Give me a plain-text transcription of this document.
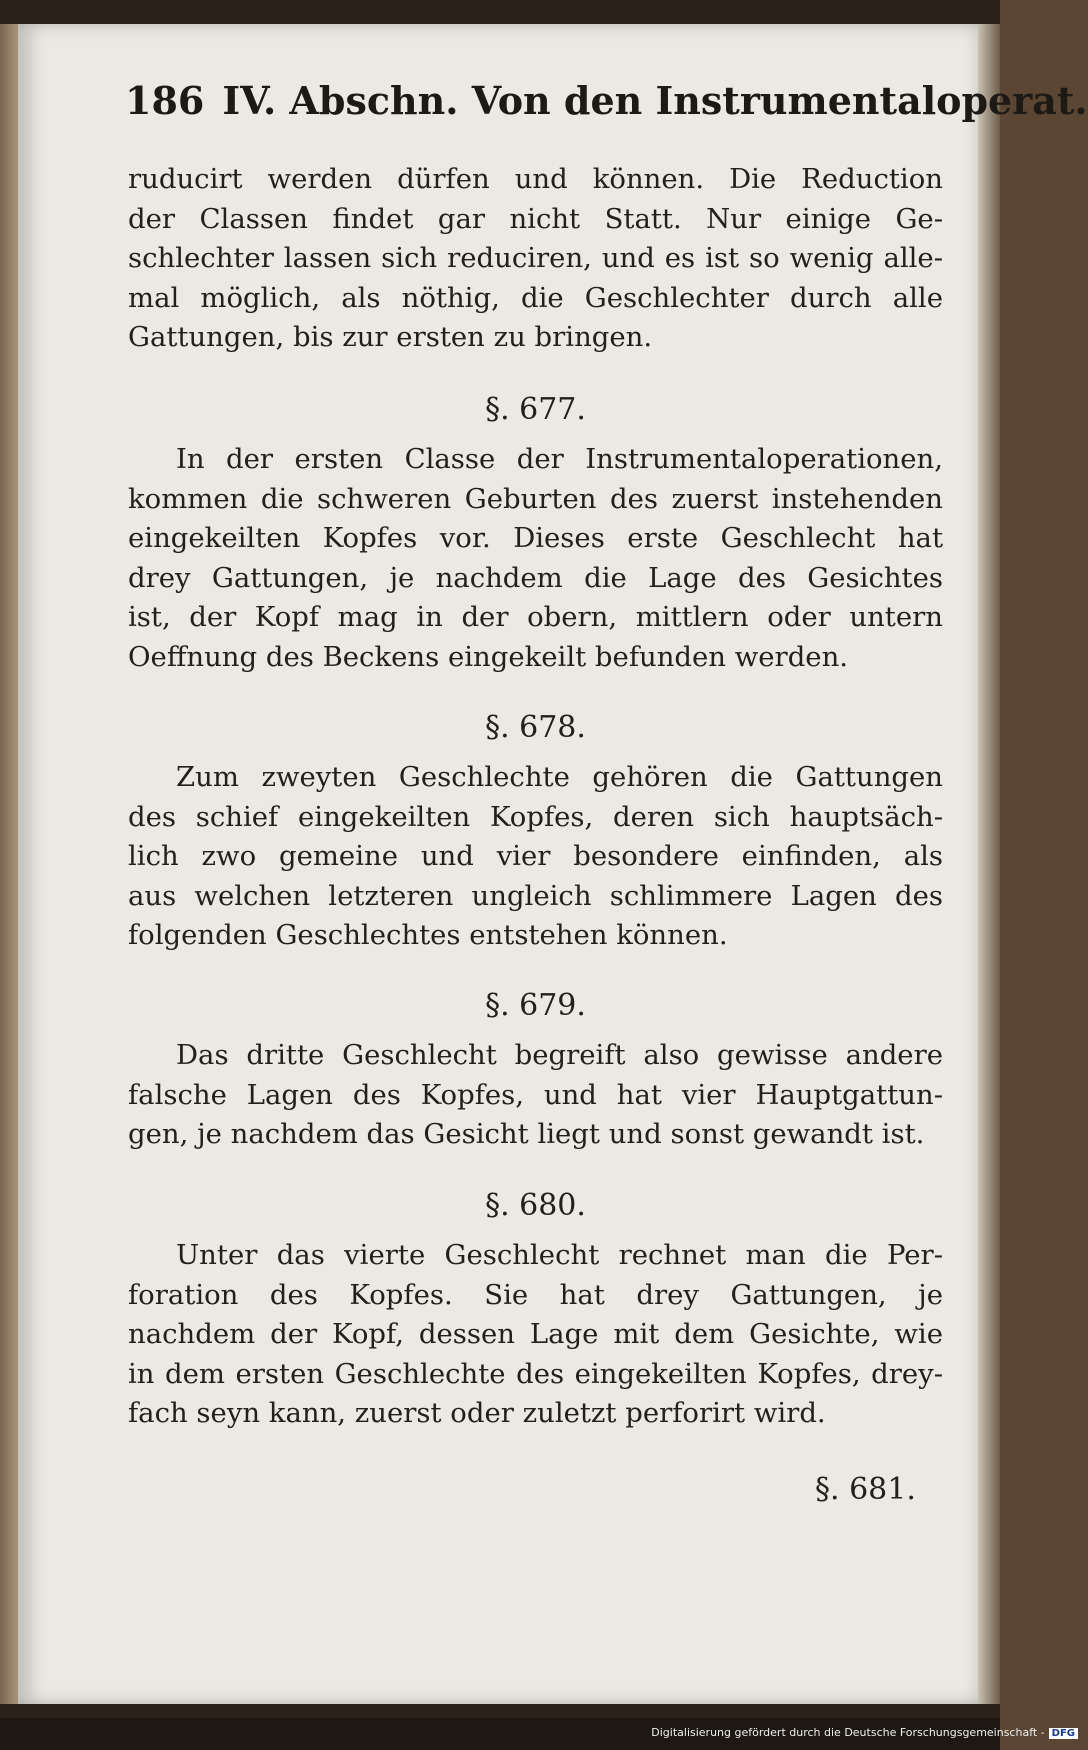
186 IV. Abschn. Von den Instrumentaloperat.

ruducirt werden dürfen und können. Die Reduction
der Classen findet gar nicht Statt. Nur einige Ge-
schlechter lassen sich reduciren, und es ist so wenig alle-
mal möglich, als nöthig, die Geschlechter durch alle
Gattungen, bis zur ersten zu bringen.

§. 677.

In der ersten Classe der Instrumentaloperationen,
kommen die schweren Geburten des zuerst instehenden
eingekeilten Kopfes vor. Dieses erste Geschlecht hat
drey Gattungen, je nachdem die Lage des Gesichtes
ist, der Kopf mag in der obern, mittlern oder untern
Oeffnung des Beckens eingekeilt befunden werden.

§. 678.

Zum zweyten Geschlechte gehören die Gattungen
des schief eingekeilten Kopfes, deren sich hauptsäch-
lich zwo gemeine und vier besondere einfinden, als
aus welchen letzteren ungleich schlimmere Lagen des
folgenden Geschlechtes entstehen können.

§. 679.

Das dritte Geschlecht begreift also gewisse andere
falsche Lagen des Kopfes, und hat vier Hauptgattun-
gen, je nachdem das Gesicht liegt und sonst gewandt ist.

§. 680.

Unter das vierte Geschlecht rechnet man die Per-
foration des Kopfes. Sie hat drey Gattungen, je
nachdem der Kopf, dessen Lage mit dem Gesichte, wie
in dem ersten Geschlechte des eingekeilten Kopfes, drey-
fach seyn kann, zuerst oder zuletzt perforirt wird.

§. 681.
Digitalisierung gefördert durch die Deutsche Forschungsgemeinschaft - DFG
